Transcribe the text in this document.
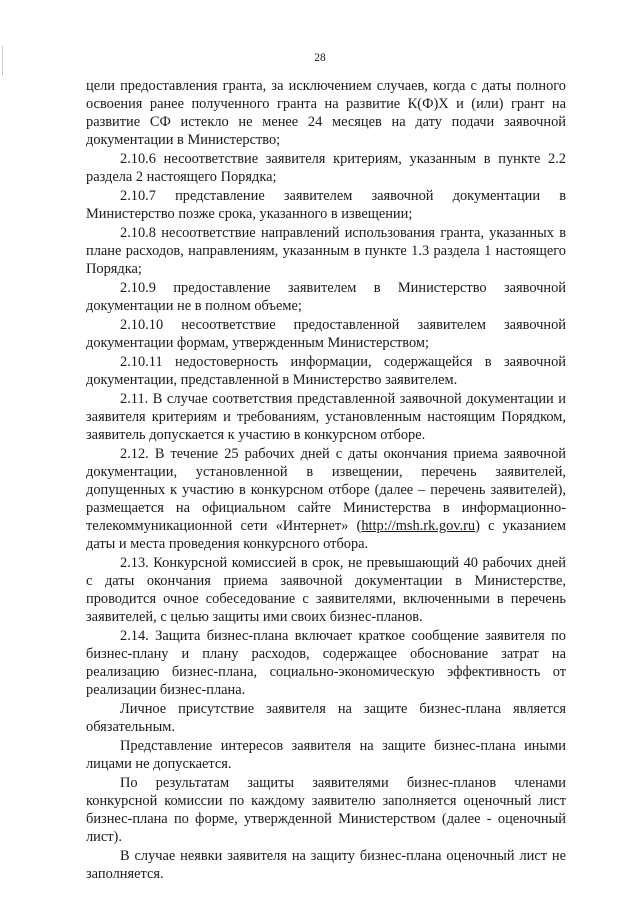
28

цели предоставления гранта, за исключением случаев, когда с даты полного освоения ранее полученного гранта на развитие К(Ф)Х и (или) грант на развитие СФ истекло не менее 24 месяцев на дату подачи заявочной документации в Министерство;

2.10.6 несоответствие заявителя критериям, указанным в пункте 2.2 раздела 2 настоящего Порядка;

2.10.7 представление заявителем заявочной документации в Министерство позже срока, указанного в извещении;

2.10.8 несоответствие направлений использования гранта, указанных в плане расходов, направлениям, указанным в пункте 1.3 раздела 1 настоящего Порядка;

2.10.9 предоставление заявителем в Министерство заявочной документации не в полном объеме;

2.10.10 несоответствие предоставленной заявителем заявочной документации формам, утвержденным Министерством;

2.10.11 недостоверность информации, содержащейся в заявочной документации, представленной в Министерство заявителем.

2.11. В случае соответствия представленной заявочной документации и заявителя критериям и требованиям, установленным настоящим Порядком, заявитель допускается к участию в конкурсном отборе.

2.12. В течение 25 рабочих дней с даты окончания приема заявочной документации, установленной в извещении, перечень заявителей, допущенных к участию в конкурсном отборе (далее – перечень заявителей), размещается на официальном сайте Министерства в информационно-телекоммуникационной сети «Интернет» (http://msh.rk.gov.ru) с указанием даты и места проведения конкурсного отбора.

2.13. Конкурсной комиссией в срок, не превышающий 40 рабочих дней с даты окончания приема заявочной документации в Министерстве, проводится очное собеседование с заявителями, включенными в перечень заявителей, с целью защиты ими своих бизнес-планов.

2.14. Защита бизнес-плана включает краткое сообщение заявителя по бизнес-плану и плану расходов, содержащее обоснование затрат на реализацию бизнес-плана, социально-экономическую эффективность от реализации бизнес-плана.

Личное присутствие заявителя на защите бизнес-плана является обязательным.

Представление интересов заявителя на защите бизнес-плана иными лицами не допускается.

По результатам защиты заявителями бизнес-планов членами конкурсной комиссии по каждому заявителю заполняется оценочный лист бизнес-плана по форме, утвержденной Министерством (далее - оценочный лист).

В случае неявки заявителя на защиту бизнес-плана оценочный лист не заполняется.
